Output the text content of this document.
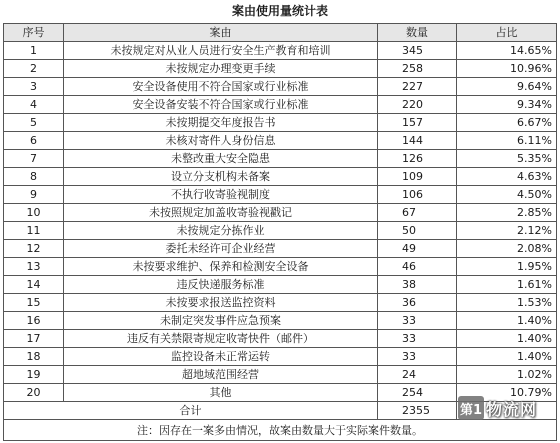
案由使用量统计表
序号	案由	数量	占比
1	未按规定对从业人员进行安全生产教育和培训	345	14.65%
2	未按规定办理变更手续	258	10.96%
3	安全设备使用不符合国家或行业标准	227	9.64%
4	安全设备安装不符合国家或行业标准	220	9.34%
5	未按期提交年度报告书	157	6.67%
6	未核对寄件人身份信息	144	6.11%
7	未整改重大安全隐患	126	5.35%
8	设立分支机构未备案	109	4.63%
9	不执行收寄验视制度	106	4.50%
10	未按照规定加盖收寄验视戳记	67	2.85%
11	未按规定分拣作业	50	2.12%
12	委托未经许可企业经营	49	2.08%
13	未按要求维护、保养和检测安全设备	46	1.95%
14	违反快递服务标准	38	1.61%
15	未按要求报送监控资料	36	1.53%
16	未制定突发事件应急预案	33	1.40%
17	违反有关禁限寄规定收寄快件（邮件）	33	1.40%
18	监控设备未正常运转	33	1.40%
19	超地域范围经营	24	1.02%
20	其他	254	10.79%
合计		2355	
注：因存在一案多由情况，故案由数量大于实际案件数量。			
第1 物流网
